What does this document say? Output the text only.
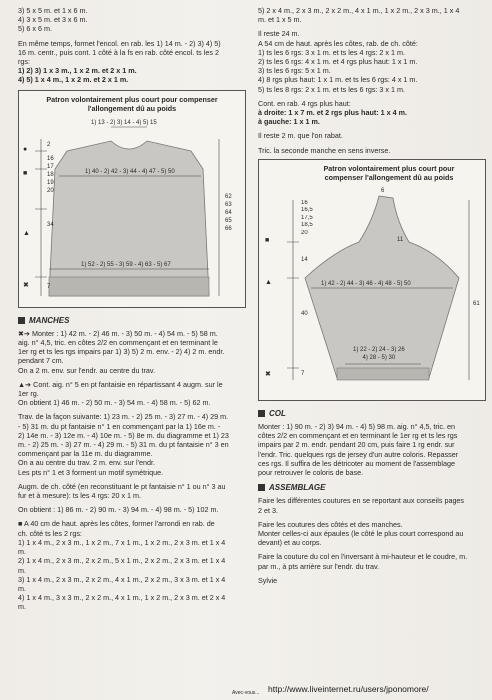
3) 5 x 5 m. et 1 x 6 m.
4) 3 x 5 m. et 3 x 6 m.
5) 6 x 6 m.

En même temps, formet l'encol. en rab. les 1) 14 m. - 2) 3) 4) 5)
16 m. centr., puis cont. 1 côté à la fs en rab. côté encol. ts les 2
rgs:
1) 2) 3) 1 x 3 m., 1 x 2 m. et 2 x 1 m.
4) 5) 1 x 4 m., 1 x 2 m. et 2 x 1 m.

Patron volontairement plus court pour compenser
l'allongement dû au poids
1) 13 - 2) 3) 14 - 4) 5) 15
1) 40 - 2) 42 - 3) 44 - 4) 47 - 5) 50
1) 52 - 2) 55 - 3) 59 - 4) 63 - 5) 67
●
■
▲
✖
2
16
17
18
19
20
34
7
62
63
64
65
66
MANCHES
✖➔ Monter : 1) 42 m. - 2) 46 m. - 3) 50 m. - 4) 54 m. - 5) 58 m.
aig. n° 4,5, tric. en côtes 2/2 en commençant et en terminant le
1er rg et ts les rgs impairs par 1) 3) 5) 2 m. env. - 2) 4) 2 m. endr.
pendant 7 cm.
On a 2 m. env. sur l'endr. au centre du trav.
▲➔ Cont. aig. n° 5 en pt fantaisie en répartissant 4 augm. sur le
1er rg.
On obtient 1) 46 m. - 2) 50 m. - 3) 54 m. - 4) 58 m. - 5) 62 m.
Trav. de la façon suivante: 1) 23 m. - 2) 25 m. - 3) 27 m. - 4) 29 m.
- 5) 31 m. du pt fantaisie n° 1 en commençant par la 1) 16e m. -
2) 14e m. - 3) 12e m. - 4) 10e m. - 5) 8e m. du diagramme et 1) 23
m. - 2) 25 m. - 3) 27 m. - 4) 29 m. - 5) 31 m. du pt fantaisie n° 3 en
commençant par la 11e m. du diagramme.
On a au centre du trav. 2 m. env. sur l'endr.
Les pts n° 1 et 3 forment un motif symétrique.
Augm. de ch. côté (en reconstituant le pt fantaisie n° 1 ou n° 3 au
fur et à mesure): ts les 4 rgs: 20 x 1 m.
On obtient : 1) 86 m. - 2) 90 m. - 3) 94 m. - 4) 98 m. - 5) 102 m.
■ A 40 cm de haut. après les côtes, former l'arrondi en rab. de
ch. côté ts les 2 rgs:
1) 1 x 4 m., 2 x 3 m., 1 x 2 m., 7 x 1 m., 1 x 2 m., 2 x 3 m. et 1 x 4
m.
2) 1 x 4 m., 2 x 3 m., 2 x 2 m., 5 x 1 m., 2 x 2 m., 2 x 3 m. et 1 x 4
m.
3) 1 x 4 m., 2 x 3 m., 2 x 2 m., 4 x 1 m., 2 x 2 m., 3 x 3 m. et 1 x 4
m.
4) 1 x 4 m., 3 x 3 m., 2 x 2 m., 4 x 1 m., 1 x 2 m., 2 x 3 m. et 2 x 4
m.
Avec-vous...
5) 2 x 4 m., 2 x 3 m., 2 x 2 m., 4 x 1 m., 1 x 2 m., 2 x 3 m., 1 x 4
m. et 1 x 5 m.
Il reste 24 m.
A 54 cm de haut. après les côtes, rab. de ch. côté:
1) ts les 6 rgs: 3 x 1 m. et ts les 4 rgs: 2 x 1 m.
2) ts les 6 rgs: 4 x 1 m. et 4 rgs plus haut: 1 x 1 m.
3) ts les 6 rgs: 5 x 1 m.
4) 8 rgs plus haut: 1 x 1 m. et ts les 6 rgs: 4 x 1 m.
5) ts les 8 rgs: 2 x 1 m. et ts les 6 rgs: 3 x 1 m.
Cont. en rab. 4 rgs plus haut:
à droite: 1 x 7 m. et 2 rgs plus haut: 1 x 4 m.
à gauche: 1 x 1 m.
Il reste 2 m. que l'on rabat.
Tric. la seconde manche en sens inverse.
Patron volontairement plus court pour
compenser l'allongement dû au poids
6
16
16,5
17,5
18,5
20
11
1) 42 - 2) 44 - 3) 46 - 4) 48 - 5) 50
1) 22 - 2) 24 - 3) 26
4) 28 - 5) 30
14
40
7
61
■
▲
✖
COL
Monter : 1) 90 m. - 2) 3) 94 m. - 4) 5) 98 m. aig. n° 4,5, tric. en
côtes 2/2 en commençant et en terminant le 1er rg et ts les rgs
impairs par 2 m. endr. pendant 20 cm, puis faire 1 rg endr. sur
l'endr. Tric. quelques rgs de jersey d'un autre coloris. Repasser
ces rgs. Il suffira de les détricoter au moment de l'assemblage
pour retrouver le coloris de base.
ASSEMBLAGE
Faire les différentes coutures en se reportant aux conseils pages
2 et 3.
Faire les coutures des côtés et des manches.
Monter celles-ci aux épaules (le côté le plus court correspond au
devant) et au corps.
Faire la couture du col en l'inversant à mi-hauteur et le coudre, m.
par m., à pts arrière sur l'endr. du trav.
Sylvie
http://www.liveinternet.ru/users/jponomore/
